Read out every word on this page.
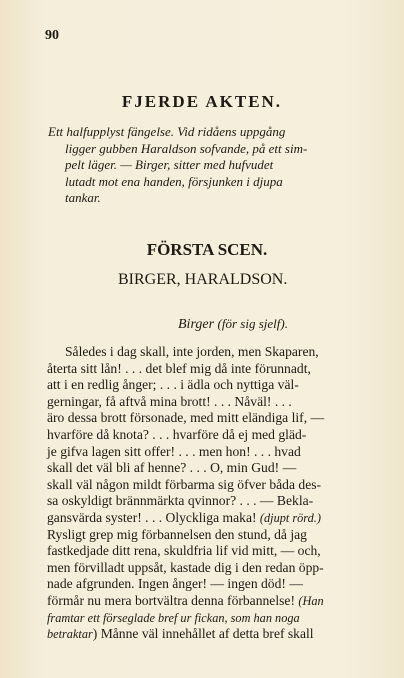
90
FJERDE AKTEN.
Ett halfupplyst fängelse. Vid ridåens uppgång
ligger gubben Haraldson sofvande, på ett sim-
pelt läger. — Birger, sitter med hufvudet
lutadt mot ena handen, försjunken i djupa
tankar.
FÖRSTA SCEN.
BIRGER, HARALDSON.
Birger (för sig sjelf).
Således i dag skall, inte jorden, men Skaparen,
återta sitt lån! . . . det blef mig då inte förunnadt,
att i en redlig ånger; . . . i ädla och nyttiga väl-
gerningar, få aftvå mina brott! . . . Nåväl! . . .
äro dessa brott försonade, med mitt eländiga lif, —
hvarföre då knota? . . . hvarföre då ej med gläd-
je gifva lagen sitt offer! . . . men hon! . . . hvad
skall det väl bli af henne? . . . O, min Gud! —
skall väl någon mildt förbarma sig öfver båda des-
sa oskyldigt brännmärkta qvinnor? . . . — Bekla-
gansvärda syster! . . . Olyckliga maka! (djupt rörd.)
Rysligt grep mig förbannelsen den stund, då jag
fastkedjade ditt rena, skuldfria lif vid mitt, — och,
men förvilladt uppsåt, kastade dig i den redan öpp-
nade afgrunden. Ingen ånger! — ingen död! —
förmår nu mera bortvältra denna förbannelse! (Han
framtar ett förseglade bref ur fickan, som han noga
betraktar) Månne väl innehållet af detta bref skall
